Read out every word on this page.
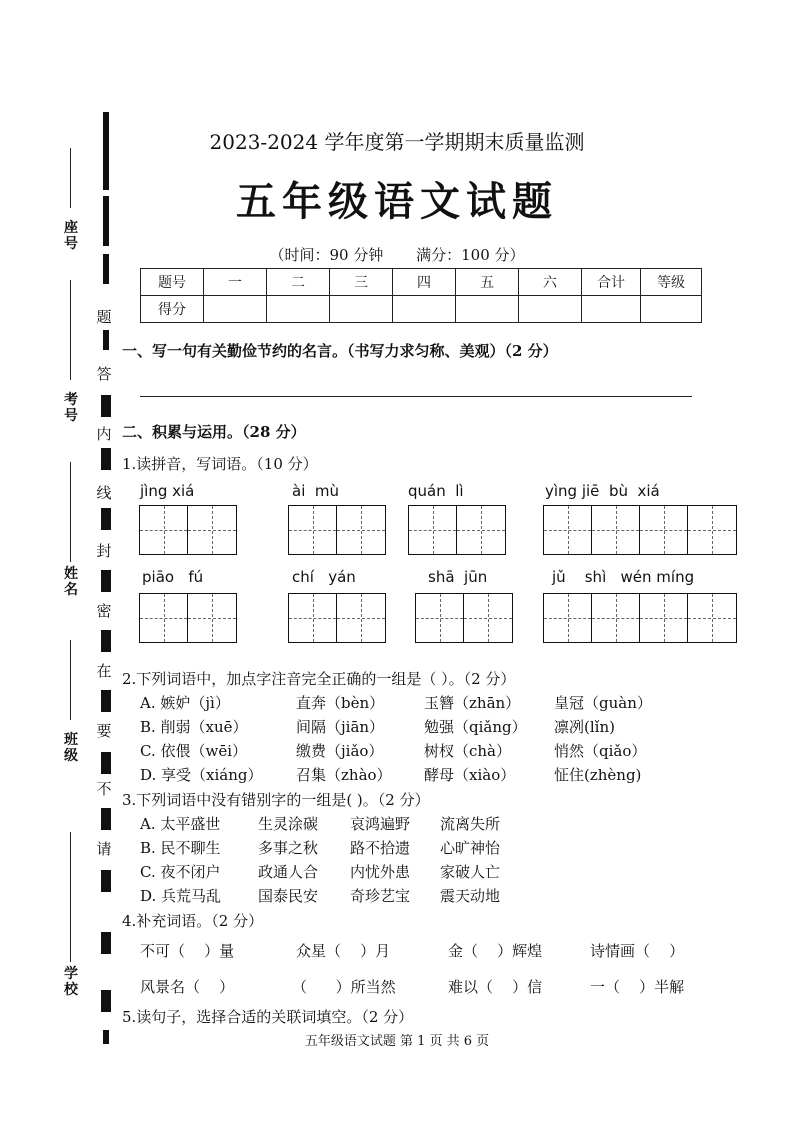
题
答
内
线
封
密
在
要
不
请
座号
考号
姓名
班级
学校
2023-2024 学年度第一学期期末质量监测
五年级语文试题
（时间：90 分钟 满分：100 分）
题号	一	二	三	四	五	六	合计	等级
得分								
一、写一句有关勤俭节约的名言。（书写力求匀称、美观）（2 分）
二、积累与运用。（28 分）
1.读拼音，写词语。（10 分）
jìng xiá	ài  mù	quán  lì	yìng jiē  bù  xiá
piāo   fú	chí   yán	shā  jūn	jǔ    shì   wén míng
2.下列词语中，加点字注音完全正确的一组是（ ）。（2 分）
A. 嫉妒（jì）	直奔（bèn）	玉簪（zhān） 皇冠（guàn）
B. 削弱（xuē）	间隔（jiān）	勉强（qiǎng） 凛冽(lǐn)
C. 依偎（wēi）	缴费（jiǎo）	树杈（chà）	悄然（qiǎo）
D. 享受（xiáng） 召集（zhào） 酵母（xiào）	怔住(zhèng)
3.下列词语中没有错别字的一组是( )。（2 分）
A. 太平盛世	生灵涂碳 哀鸿遍野 流离失所
B. 民不聊生 多事之秋 路不拾遗 心旷神怡
C. 夜不闭户	政通人合 内忧外患 家破人亡
D. 兵荒马乱 国泰民安 奇珍艺宝 震天动地
4.补充词语。（2 分）
不可（    ）量	众星（    ）月	金（    ）辉煌	诗情画（    ）
风景名（    ）	（      ）所当然	难以（    ）信	一（    ）半解
5.读句子，选择合适的关联词填空。（2 分）
五年级语文试题 第 1 页 共 6 页
